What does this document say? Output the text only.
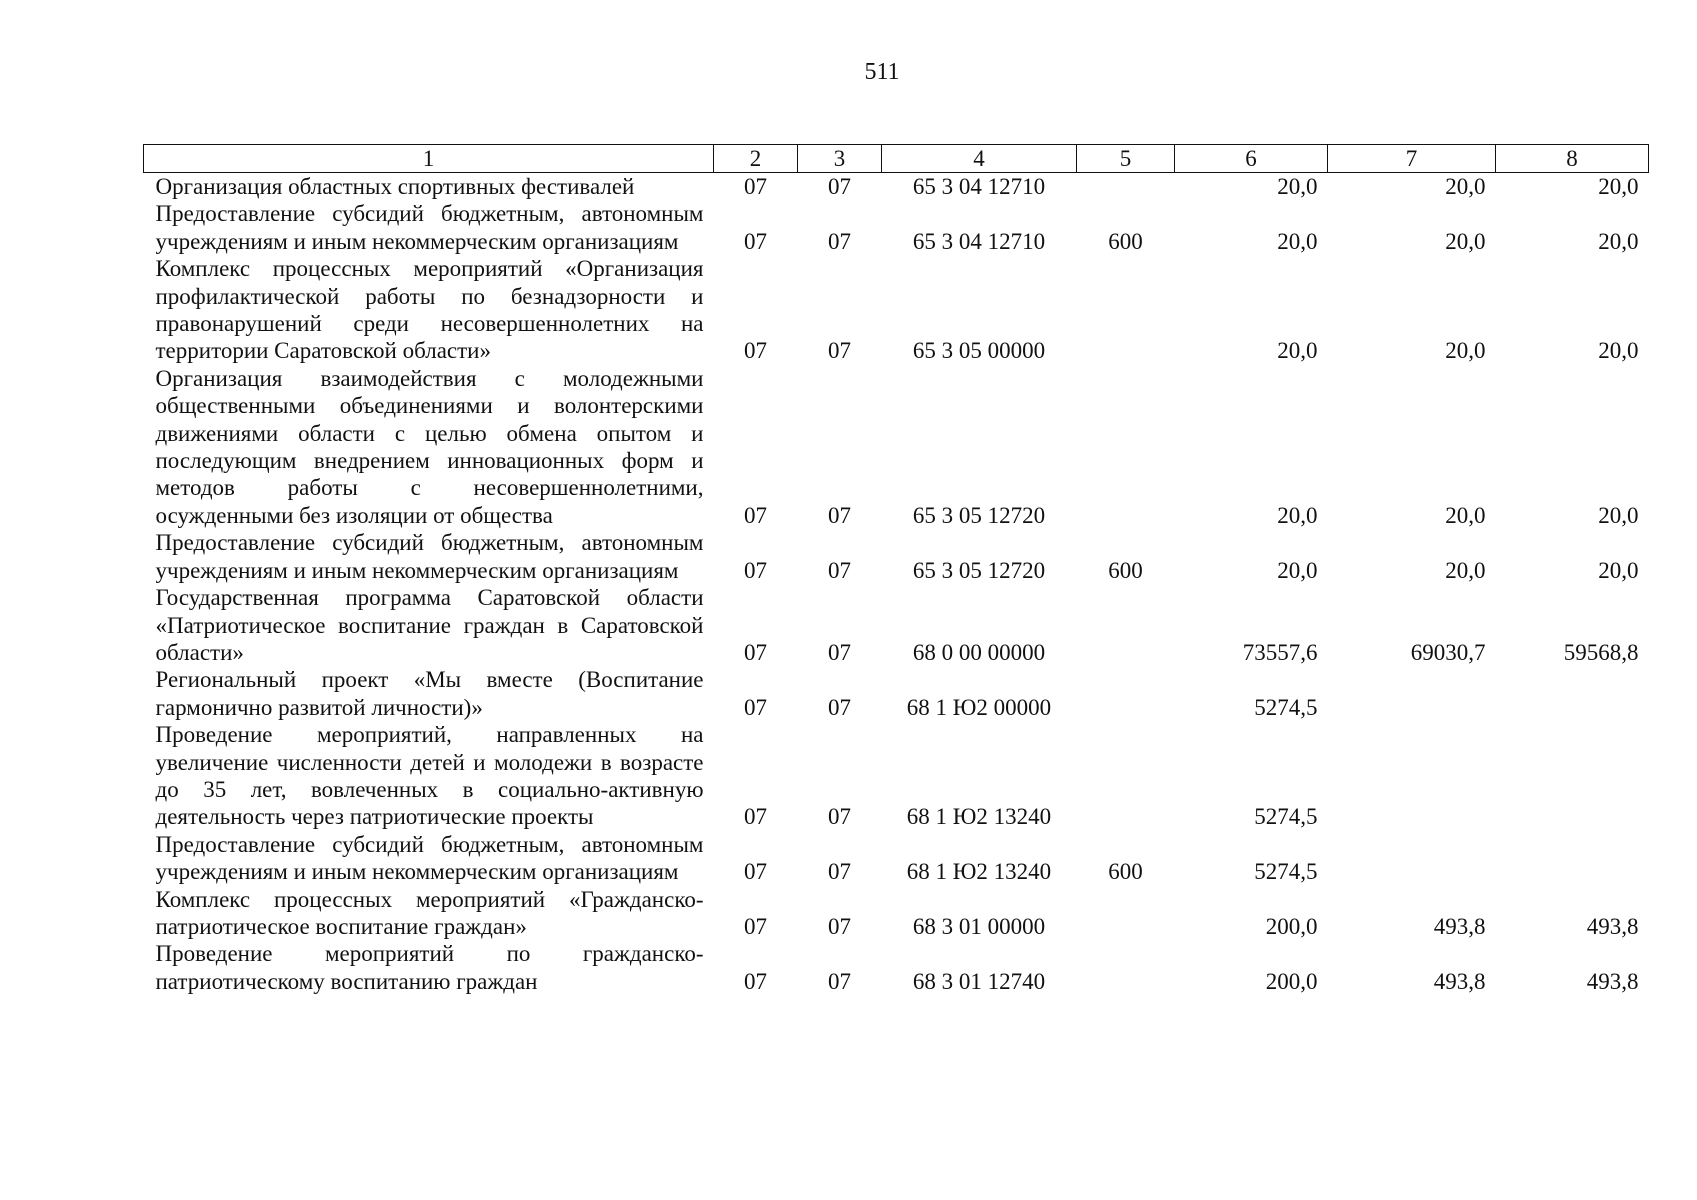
511
1	2	3	4	5	6	7	8
Организация областных спортивных фестивалей	07	07	65 3 04 12710		20,0	20,0	20,0
Предоставление субсидий бюджетным, автономным учреждениям и иным некоммерческим организациям	07	07	65 3 04 12710	600	20,0	20,0	20,0
Комплекс процессных мероприятий «Организация профилактической работы по безнадзорности и правонарушений среди несовершеннолетних на территории Саратовской области»	07	07	65 3 05 00000		20,0	20,0	20,0
Организация взаимодействия с молодежными общественными объединениями и волонтерскими движениями области с целью обмена опытом и последующим внедрением инновационных форм и методов работы с несовершеннолетними, осужденными без изоляции от общества	07	07	65 3 05 12720		20,0	20,0	20,0
Предоставление субсидий бюджетным, автономным учреждениям и иным некоммерческим организациям	07	07	65 3 05 12720	600	20,0	20,0	20,0
Государственная программа Саратовской области «Патриотическое воспитание граждан в Саратовской области»	07	07	68 0 00 00000		73557,6	69030,7	59568,8
Региональный проект «Мы вместе (Воспитание гармонично развитой личности)»	07	07	68 1 Ю2 00000		5274,5		
Проведение мероприятий, направленных на увеличение численности детей и молодежи в возрасте до 35 лет, вовлеченных в социально-активную деятельность через патриотические проекты	07	07	68 1 Ю2 13240		5274,5		
Предоставление субсидий бюджетным, автономным учреждениям и иным некоммерческим организациям	07	07	68 1 Ю2 13240	600	5274,5		
Комплекс процессных мероприятий «Гражданско-патриотическое воспитание граждан»	07	07	68 3 01 00000		200,0	493,8	493,8
Проведение мероприятий по гражданско-патриотическому воспитанию граждан	07	07	68 3 01 12740		200,0	493,8	493,8
